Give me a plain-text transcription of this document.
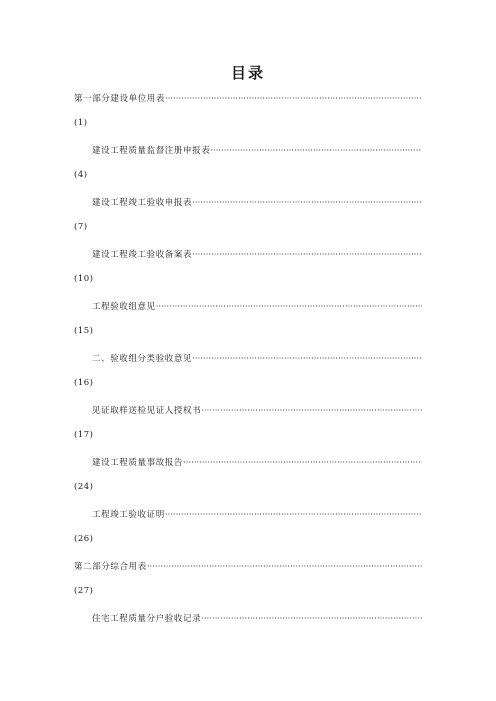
目录
第一部分建设单位用表
·····
(1)
建设工程质量监督注册申报表
·····
(4)
建设工程竣工验收申报表
·····
(7)
建设工程竣工验收备案表
·····
(10)
工程验收组意见
·····
(15)
二、验收组分类验收意见
·····
(16)
见证取样送检见证人授权书
·····
(17)
建设工程质量事故报告
·····
(24)
工程竣工验收证明
·····
(26)
第二部分综合用表
·····
(27)
住宅工程质量分户验收记录
·····
